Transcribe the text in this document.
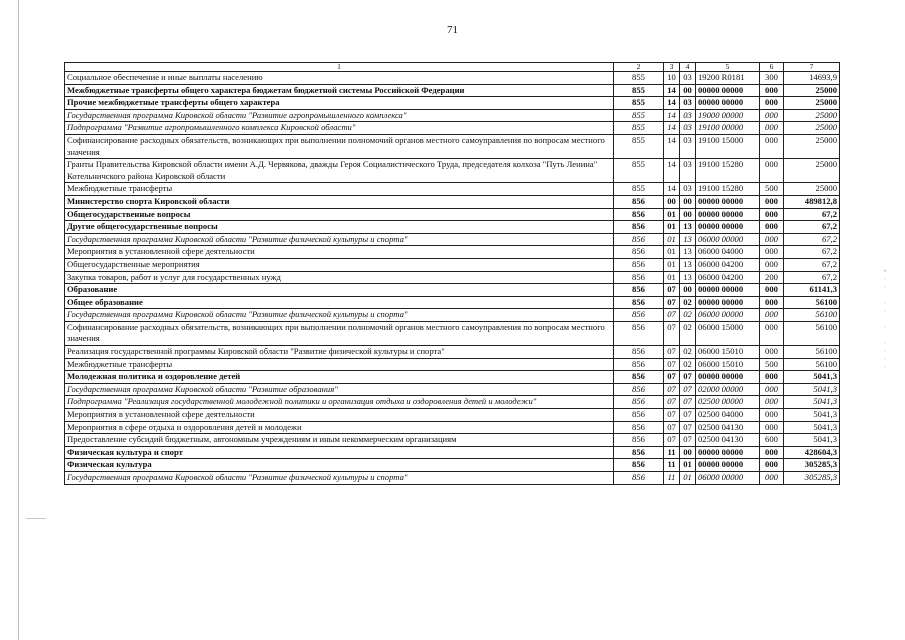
71
•
·
·

·
·

·

·
·
·
·
1	2	3	4	5	6	7
Социальное обеспечение и иные выплаты населению	855	10	03	19200 R0181	300	14693,9
Межбюджетные трансферты общего характера бюджетам бюджетной системы Российской Федерации	855	14	00	00000 00000	000	25000
Прочие межбюджетные трансферты общего характера	855	14	03	00000 00000	000	25000
Государственная программа Кировской области "Развитие агропромышленного комплекса"	855	14	03	19000 00000	000	25000
Подпрограмма "Развитие агропромышленного комплекса Кировской области"	855	14	03	19100 00000	000	25000
Софинансирование расходных обязательств, возникающих при выполнении полномочий органов местного самоуправления по вопросам местного значения	855	14	03	19100 15000	000	25000
Гранты Правительства Кировской области имени А.Д. Червякова, дважды Героя Социалистического Труда, председателя колхоза "Путь Ленина" Котельничского района Кировской области	855	14	03	19100 15280	000	25000
Межбюджетные трансферты	855	14	03	19100 15280	500	25000
Министерство спорта Кировской области	856	00	00	00000 00000	000	489812,8
Общегосударственные вопросы	856	01	00	00000 00000	000	67,2
Другие общегосударственные вопросы	856	01	13	00000 00000	000	67,2
Государственная программа Кировской области "Развитие физической культуры и спорта"	856	01	13	06000 00000	000	67,2
Мероприятия в установленной сфере деятельности	856	01	13	06000 04000	000	67,2
Общегосударственные мероприятия	856	01	13	06000 04200	000	67,2
Закупка товаров, работ и услуг для государственных нужд	856	01	13	06000 04200	200	67,2
Образование	856	07	00	00000 00000	000	61141,3
Общее образование	856	07	02	00000 00000	000	56100
Государственная программа Кировской области "Развитие физической культуры и спорта"	856	07	02	06000 00000	000	56100
Софинансирование расходных обязательств, возникающих при выполнении полномочий органов местного самоуправления по вопросам местного значения	856	07	02	06000 15000	000	56100
Реализация государственной программы Кировской области "Развитие физической культуры и спорта"	856	07	02	06000 15010	000	56100
Межбюджетные трансферты	856	07	02	06000 15010	500	56100
Молодежная политика и оздоровление детей	856	07	07	00000 00000	000	5041,3
Государственная программа Кировской области "Развитие образования"	856	07	07	02000 00000	000	5041,3
Подпрограмма "Реализация государственной молодежной политики и организация отдыха и оздоровления детей и молодежи"	856	07	07	02500 00000	000	5041,3
Мероприятия в установленной сфере деятельности	856	07	07	02500 04000	000	5041,3
Мероприятия в сфере отдыха и оздоровления детей и молодежи	856	07	07	02500 04130	000	5041,3
Предоставление субсидий бюджетным, автономным учреждениям и иным некоммерческим организациям	856	07	07	02500 04130	600	5041,3
Физическая культура и спорт	856	11	00	00000 00000	000	428604,3
Физическая культура	856	11	01	00000 00000	000	305285,3
Государственная программа Кировской области "Развитие физической культуры и спорта"	856	11	01	06000 00000	000	305285,3
